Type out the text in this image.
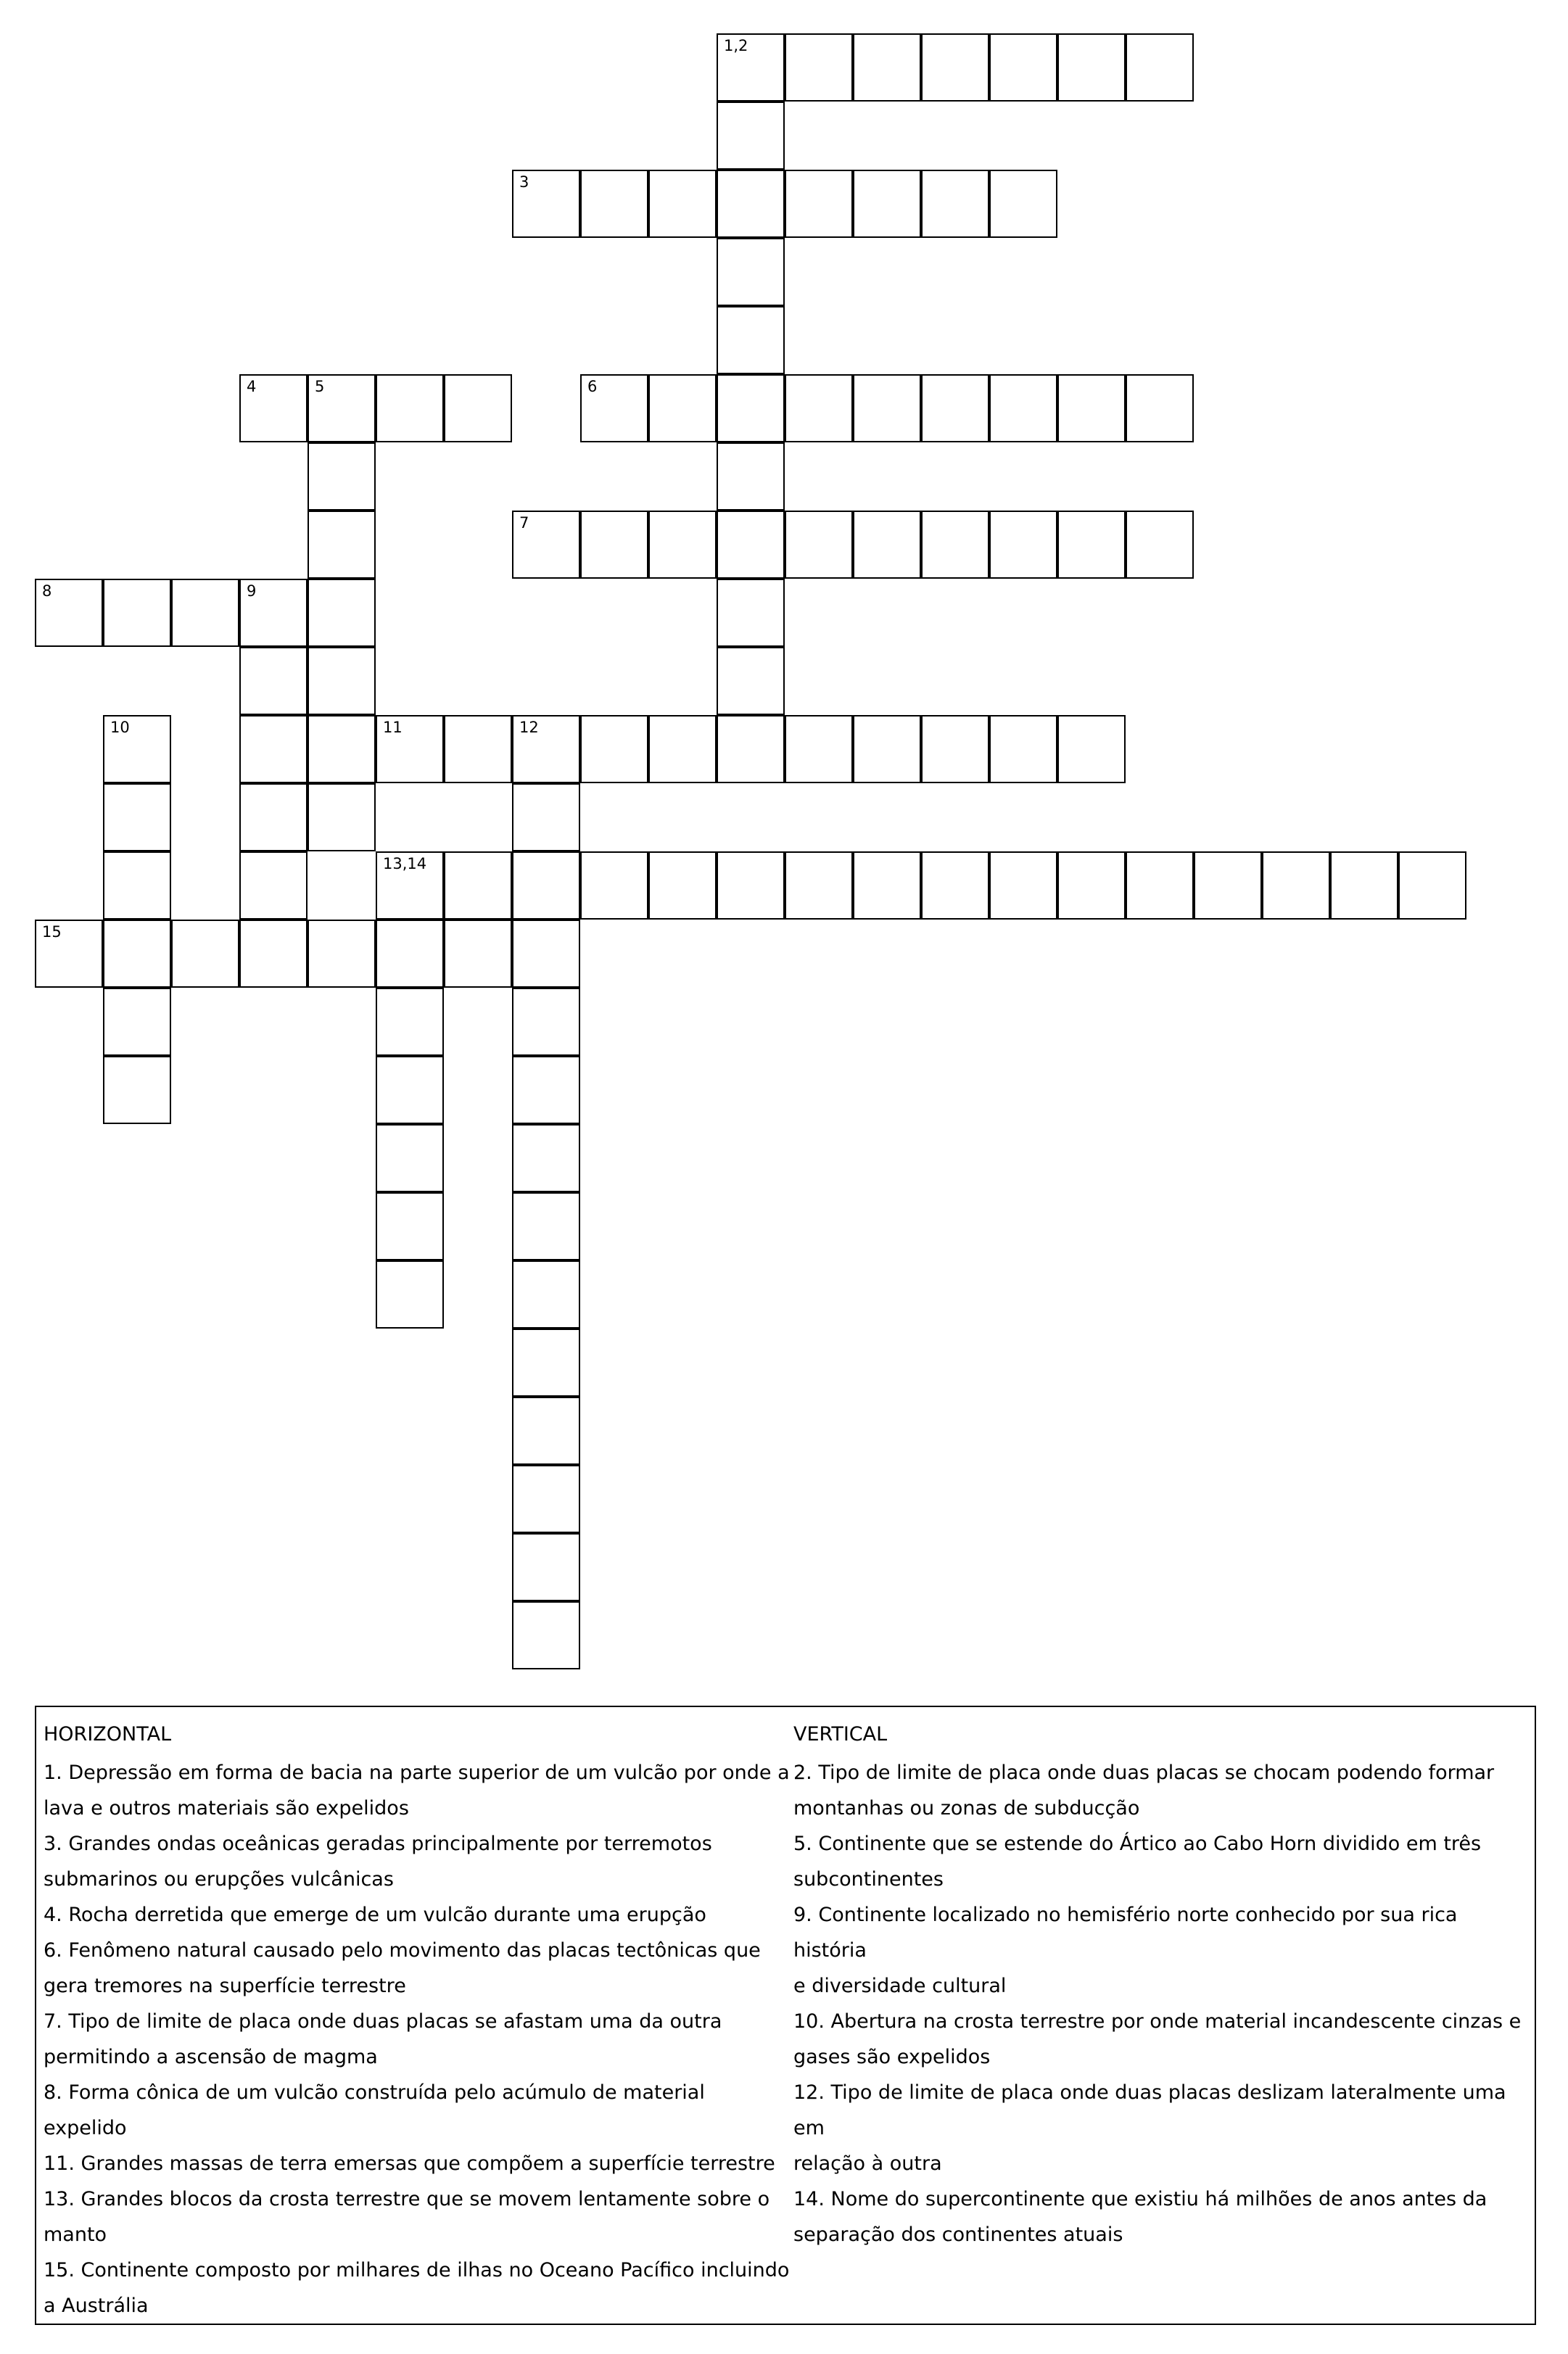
1,2
3
4	5	6
7
8	9
10	11	12
13,14
15

HORIZONTAL

1. Depressão em forma de bacia na parte superior de um vulcão por onde a

lava e outros materiais são expelidos

3. Grandes ondas oceânicas geradas principalmente por terremotos

submarinos ou erupções vulcânicas

4. Rocha derretida que emerge de um vulcão durante uma erupção

6. Fenômeno natural causado pelo movimento das placas tectônicas que

gera tremores na superfície terrestre

7. Tipo de limite de placa onde duas placas se afastam uma da outra

permitindo a ascensão de magma

8. Forma cônica de um vulcão construída pelo acúmulo de material expelido

11. Grandes massas de terra emersas que compõem a superfície terrestre

13. Grandes blocos da crosta terrestre que se movem lentamente sobre o

manto

15. Continente composto por milhares de ilhas no Oceano Pacífico incluindo

a Austrália

VERTICAL

2. Tipo de limite de placa onde duas placas se chocam podendo formar

montanhas ou zonas de subducção

5. Continente que se estende do Ártico ao Cabo Horn dividido em três

subcontinentes

9. Continente localizado no hemisfério norte conhecido por sua rica história

e diversidade cultural

10. Abertura na crosta terrestre por onde material incandescente cinzas e

gases são expelidos

12. Tipo de limite de placa onde duas placas deslizam lateralmente uma em

relação à outra

14. Nome do supercontinente que existiu há milhões de anos antes da

separação dos continentes atuais
